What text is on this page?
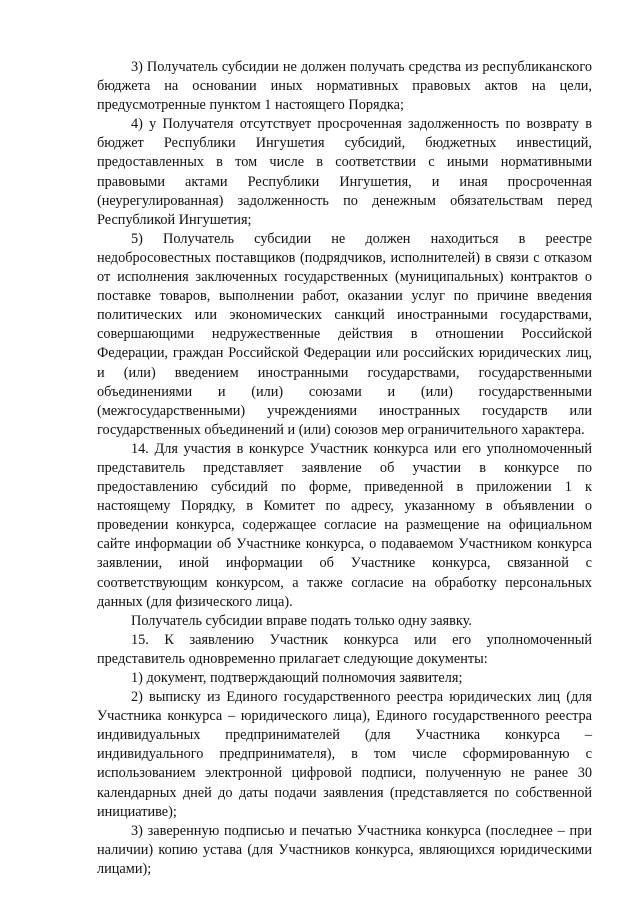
3) Получатель субсидии не должен получать средства из республиканского бюджета на основании иных нормативных правовых актов на цели, предусмотренные пунктом 1 настоящего Порядка;

4) у Получателя отсутствует просроченная задолженность по возврату в бюджет Республики Ингушетия субсидий, бюджетных инвестиций, предоставленных в том числе в соответствии с иными нормативными правовыми актами Республики Ингушетия, и иная просроченная (неурегулированная) задолженность по денежным обязательствам перед Республикой Ингушетия;

5) Получатель субсидии не должен находиться в реестре недобросовестных поставщиков (подрядчиков, исполнителей) в связи с отказом от исполнения заключенных государственных (муниципальных) контрактов о поставке товаров, выполнении работ, оказании услуг по причине введения политических или экономических санкций иностранными государствами, совершающими недружественные действия в отношении Российской Федерации, граждан Российской Федерации или российских юридических лиц, и (или) введением иностранными государствами, государственными объединениями и (или) союзами и (или) государственными (межгосударственными) учреждениями иностранных государств или государственных объединений и (или) союзов мер ограничительного характера.

14. Для участия в конкурсе Участник конкурса или его уполномоченный представитель представляет заявление об участии в конкурсе по предоставлению субсидий по форме, приведенной в приложении 1 к настоящему Порядку, в Комитет по адресу, указанному в объявлении о проведении конкурса, содержащее согласие на размещение на официальном сайте информации об Участнике конкурса, о подаваемом Участником конкурса заявлении, иной информации об Участнике конкурса, связанной с соответствующим конкурсом, а также согласие на обработку персональных данных (для физического лица).

Получатель субсидии вправе подать только одну заявку.

15. К заявлению Участник конкурса или его уполномоченный представитель одновременно прилагает следующие документы:

1) документ, подтверждающий полномочия заявителя;

2) выписку из Единого государственного реестра юридических лиц (для Участника конкурса – юридического лица), Единого государственного реестра индивидуальных предпринимателей (для Участника конкурса – индивидуального предпринимателя), в том числе сформированную с использованием электронной цифровой подписи, полученную не ранее 30 календарных дней до даты подачи заявления (представляется по собственной инициативе);

3) заверенную подписью и печатью Участника конкурса (последнее – при наличии) копию устава (для Участников конкурса, являющихся юридическими лицами);
